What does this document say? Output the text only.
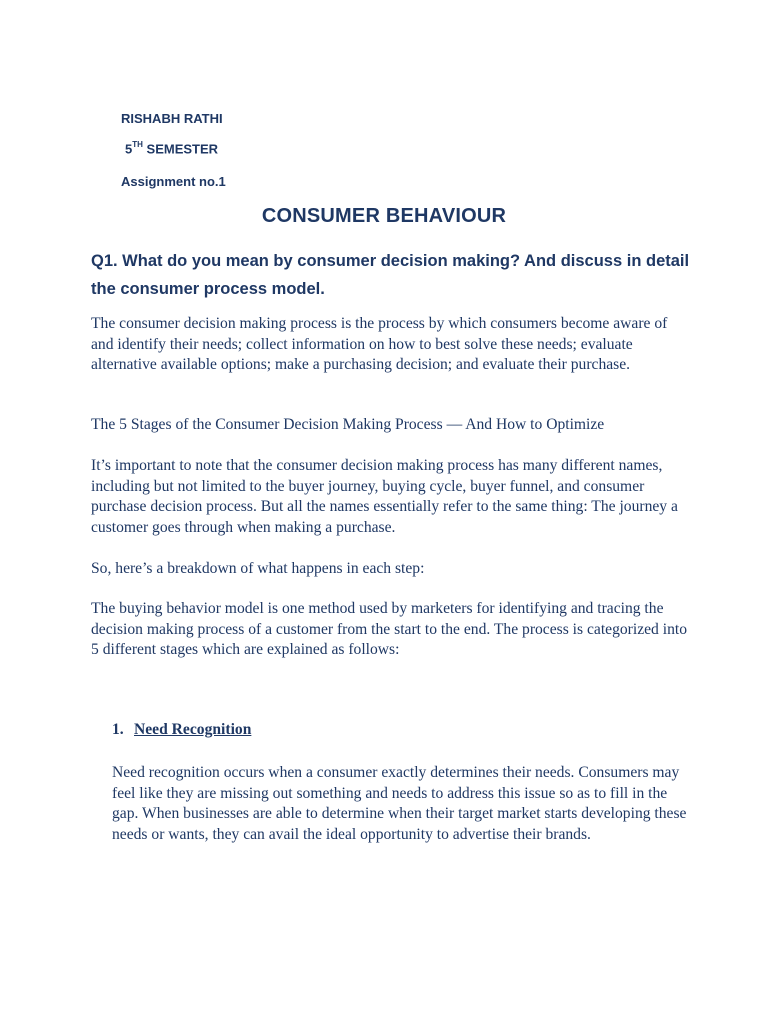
RISHABH RATHI

5TH SEMESTER

Assignment no.1

CONSUMER BEHAVIOUR
Q1. What do you mean by consumer decision making? And discuss in detail the consumer process model.

The consumer decision making process is the process by which consumers become aware of and identify their needs; collect information on how to best solve these needs; evaluate alternative available options; make a purchasing decision; and evaluate their purchase.

The 5 Stages of the Consumer Decision Making Process — And How to Optimize

It’s important to note that the consumer decision making process has many different names, including but not limited to the buyer journey, buying cycle, buyer funnel, and consumer purchase decision process. But all the names essentially refer to the same thing: The journey a customer goes through when making a purchase.

So, here’s a breakdown of what happens in each step:

The buying behavior model is one method used by marketers for identifying and tracing the decision making process of a customer from the start to the end. The process is categorized into 5 different stages which are explained as follows:

1. Need Recognition

Need recognition occurs when a consumer exactly determines their needs. Consumers may feel like they are missing out something and needs to address this issue so as to fill in the gap. When businesses are able to determine when their target market starts developing these needs or wants, they can avail the ideal opportunity to advertise their brands.
